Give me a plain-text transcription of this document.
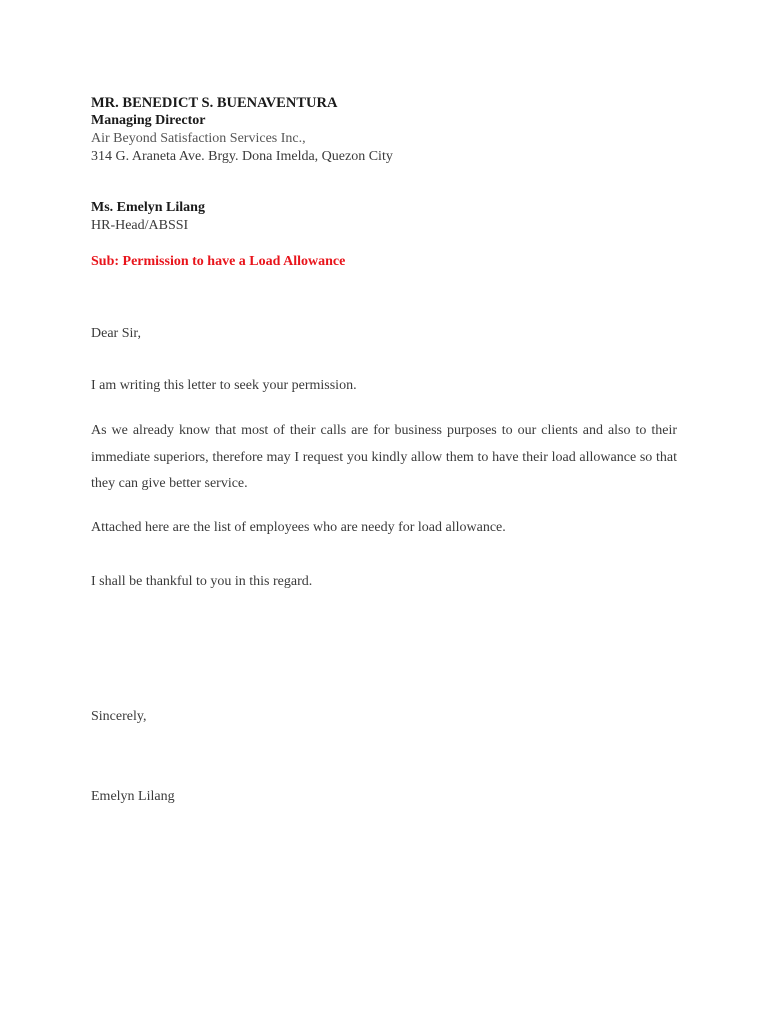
MR. BENEDICT S. BUENAVENTURA
Managing Director
Air Beyond Satisfaction Services Inc.,
314 G. Araneta Ave. Brgy. Dona Imelda, Quezon City
Ms. Emelyn Lilang
HR-Head/ABSSI
Sub: Permission to have a Load Allowance
Dear Sir,
I am writing this letter to seek your permission.
As we already know that most of their calls are for business purposes to our clients and also to their immediate superiors, therefore may I request you kindly allow them to have their load allowance so that they can give better service.
Attached here are the list of employees who are needy for load allowance.
I shall be thankful to you in this regard.
Sincerely,
Emelyn Lilang
